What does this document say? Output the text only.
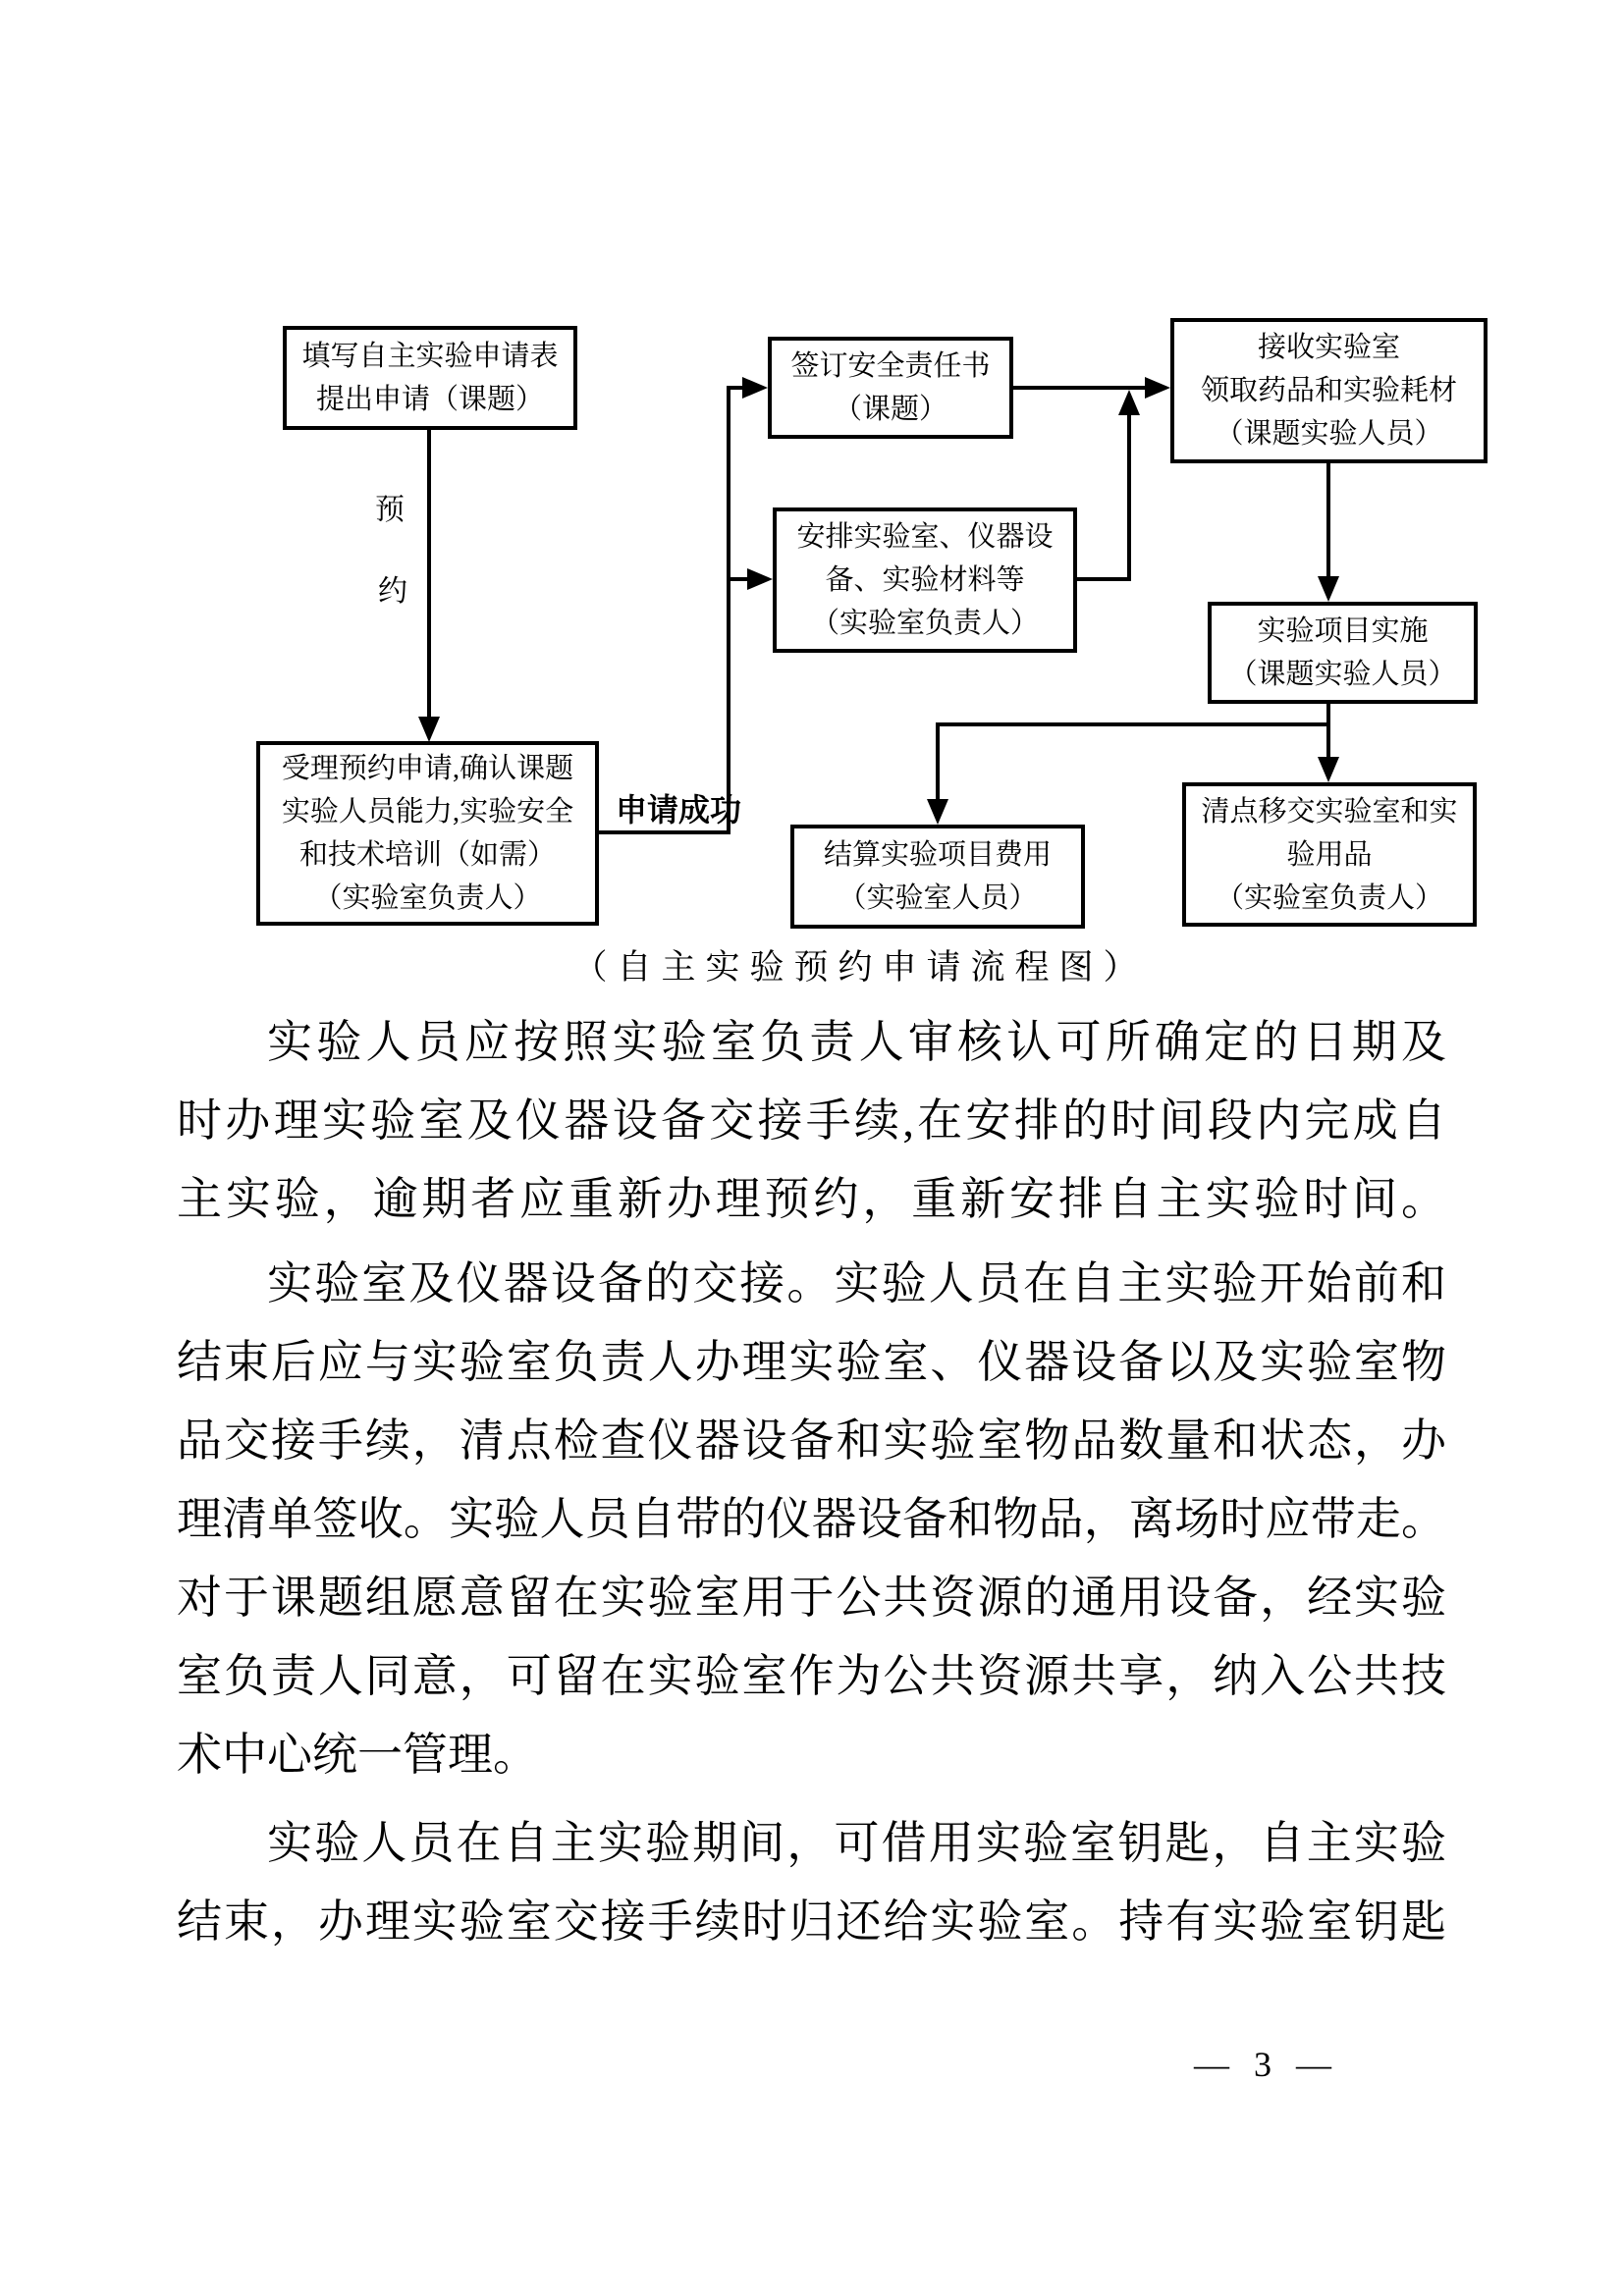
填写自主实验申请表
提出申请（课题）
受理预约申请,确认课题
实验人员能力,实验安全
和技术培训（如需）
（实验室负责人）
签订安全责任书
（课题）
安排实验室、仪器设
备、实验材料等
（实验室负责人）
接收实验室
领取药品和实验耗材
（课题实验人员）
实验项目实施
（课题实验人员）
结算实验项目费用
（实验室人员）
清点移交实验室和实
验用品
（实验室负责人）
预
约
申请成功
（自主实验预约申请流程图）
实验人员应按照实验室负责人审核认可所确定的日期及
时办理实验室及仪器设备交接手续,在安排的时间段内完成自
主实验，逾期者应重新办理预约，重新安排自主实验时间。
实验室及仪器设备的交接。实验人员在自主实验开始前和
结束后应与实验室负责人办理实验室、仪器设备以及实验室物
品交接手续，清点检查仪器设备和实验室物品数量和状态，办
理清单签收。实验人员自带的仪器设备和物品，离场时应带走。
对于课题组愿意留在实验室用于公共资源的通用设备，经实验
室负责人同意，可留在实验室作为公共资源共享，纳入公共技
术中心统一管理。
实验人员在自主实验期间，可借用实验室钥匙，自主实验
结束，办理实验室交接手续时归还给实验室。持有实验室钥匙
— 3 —
